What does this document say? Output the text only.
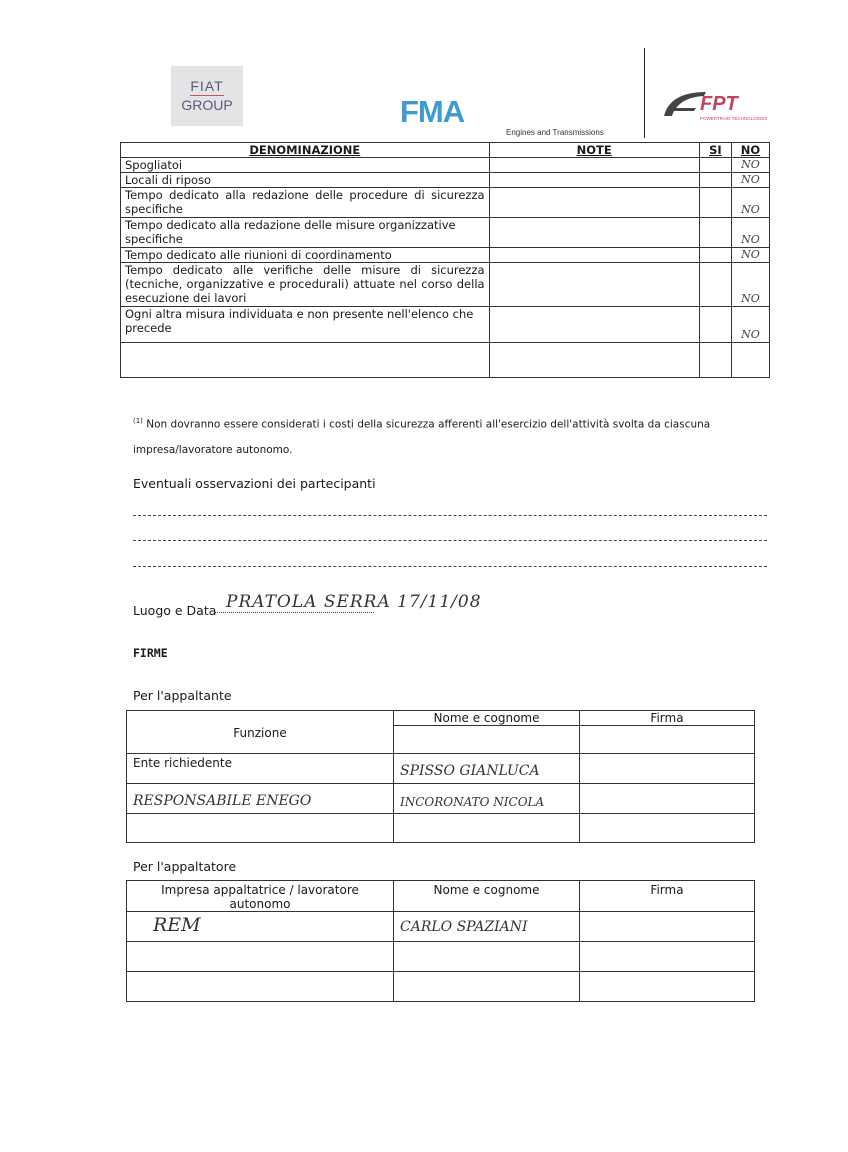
FIAT
GROUP	FMA
Engines and Transmissions
FPT
POWERTRAIN TECHNOLOGIES
DENOMINAZIONE	NOTE	SI	NO
Spogliatoi			NO
Locali di riposo			NO
Tempo dedicato alla redazione delle procedure di sicurezza specifiche			NO
Tempo dedicato alla redazione delle misure organizzative specifiche			NO
Tempo dedicato alle riunioni di coordinamento			NO
Tempo dedicato alle verifiche delle misure di sicurezza (tecniche, organizzative e procedurali) attuate nel corso della esecuzione dei lavori			NO
Ogni altra misura individuata e non presente nell'elenco che precede			NO

$^{(1)}$ Non dovranno essere considerati i costi della sicurezza afferenti all'esercizio dell'attività svolta da ciascuna
impresa/lavoratore autonomo.
Eventuali osservazioni dei partecipanti
Luogo e Data PRATOLA SERRA 17/11/08
FIRME
Per l'appaltante
	Nome e cognome	Firma
Funzione		
Ente richiedente	SPISSO GIANLUCA	
RESPONSABILE ENEGO	INCORONATO NICOLA	

Per l'appaltatore
Impresa appaltatrice / lavoratore autonomo	Nome e cognome	Firma
REM	CARLO SPAZIANI	
